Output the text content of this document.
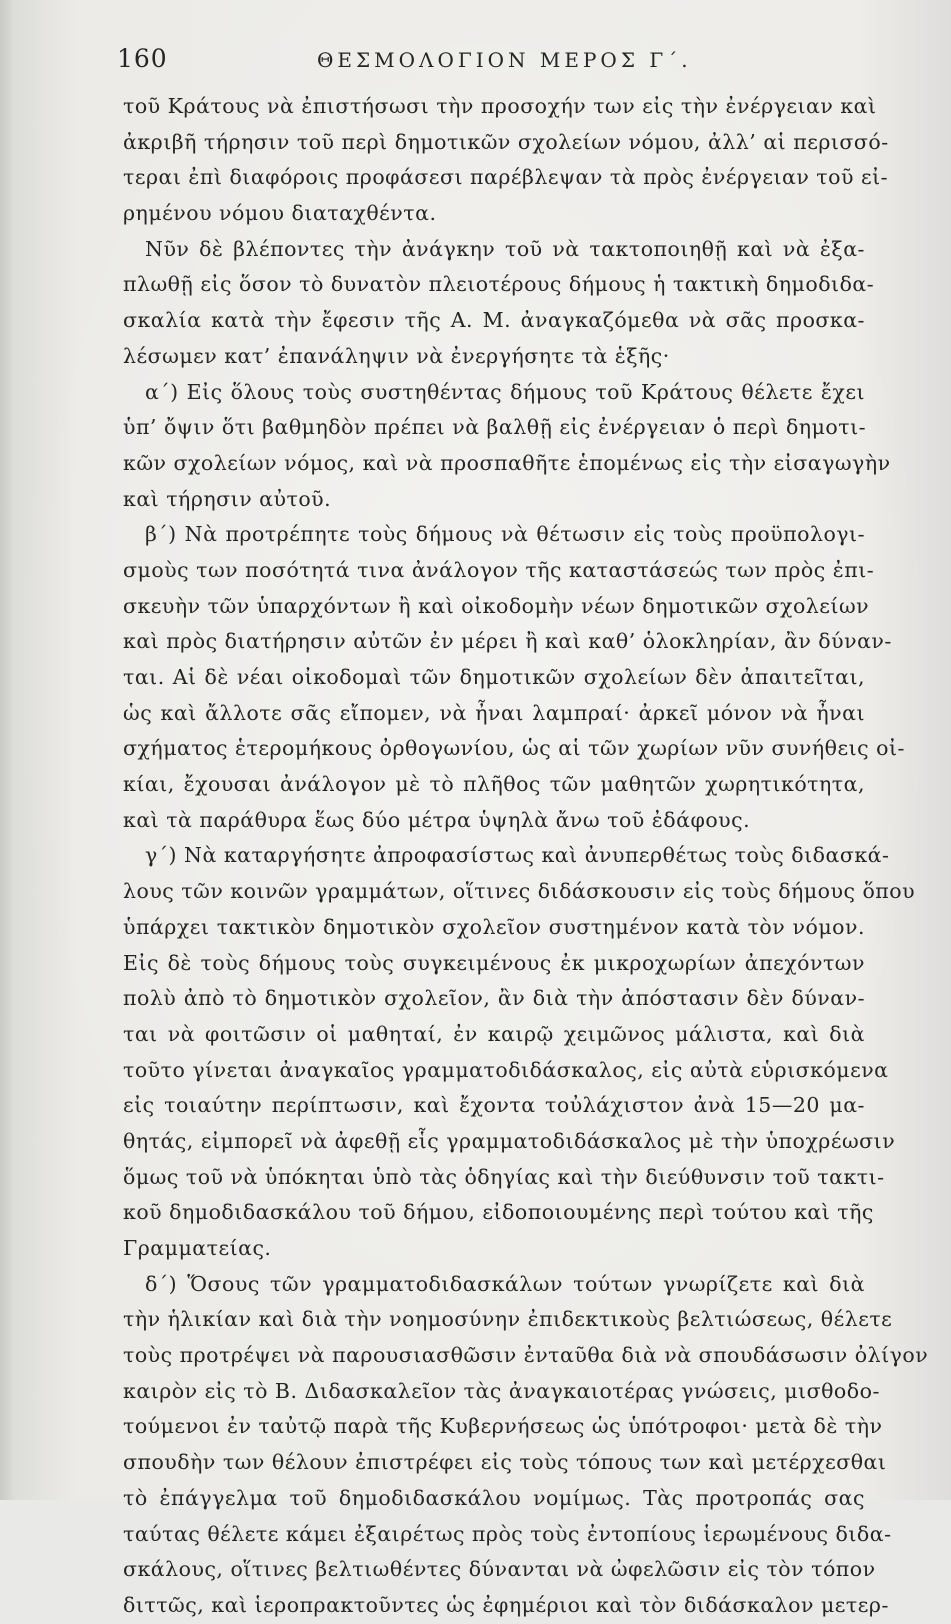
160	ΘΕΣΜΟΛΟΓΙΟΝ ΜΕΡΟΣ Γ΄.
τοῦ Κράτους νὰ ἐπιστήσωσι τὴν προσοχήν των εἰς τὴν ἐνέργειαν καὶ
ἀκριβῆ τήρησιν τοῦ περὶ δημοτικῶν σχολείων νόμου, ἀλλ’ αἱ περισσό-
τεραι ἐπὶ διαφόροις προφάσεσι παρέβλεψαν τὰ πρὸς ἐνέργειαν τοῦ εἰ-
ρημένου νόμου διαταχθέντα.
Νῦν δὲ βλέποντες τὴν ἀνάγκην τοῦ νὰ τακτοποιηθῇ καὶ νὰ ἐξα-
πλωθῇ εἰς ὅσον τὸ δυνατὸν πλειοτέρους δήμους ἡ τακτικὴ δημοδιδα-
σκαλία κατὰ τὴν ἔφεσιν τῆς Α. Μ. ἀναγκαζόμεθα νὰ σᾶς προσκα-
λέσωμεν κατ’ ἐπανάληψιν νὰ ἐνεργήσητε τὰ ἑξῆς·
α΄) Εἰς ὅλους τοὺς συστηθέντας δήμους τοῦ Κράτους θέλετε ἔχει
ὑπ’ ὄψιν ὅτι βαθμηδὸν πρέπει νὰ βαλθῇ εἰς ἐνέργειαν ὁ περὶ δημοτι-
κῶν σχολείων νόμος, καὶ νὰ προσπαθῆτε ἑπομένως εἰς τὴν εἰσαγωγὴν
καὶ τήρησιν αὐτοῦ.
β΄) Νὰ προτρέπητε τοὺς δήμους νὰ θέτωσιν εἰς τοὺς προϋπολογι-
σμοὺς των ποσότητά τινα ἀνάλογον τῆς καταστάσεώς των πρὸς ἐπι-
σκευὴν τῶν ὑπαρχόντων ἢ καὶ οἰκοδομὴν νέων δημοτικῶν σχολείων
καὶ πρὸς διατήρησιν αὐτῶν ἐν μέρει ἢ καὶ καθ’ ὁλοκληρίαν, ἂν δύναν-
ται. Αἱ δὲ νέαι οἰκοδομαὶ τῶν δημοτικῶν σχολείων δὲν ἀπαιτεῖται,
ὡς καὶ ἄλλοτε σᾶς εἴπομεν, νὰ ἦναι λαμπραί· ἀρκεῖ μόνον νὰ ἦναι
σχήματος ἑτερομήκους ὀρθογωνίου, ὡς αἱ τῶν χωρίων νῦν συνήθεις οἰ-
κίαι, ἔχουσαι ἀνάλογον μὲ τὸ πλῆθος τῶν μαθητῶν χωρητικότητα,
καὶ τὰ παράθυρα ἕως δύο μέτρα ὑψηλὰ ἄνω τοῦ ἐδάφους.
γ΄) Νὰ καταργήσητε ἀπροφασίστως καὶ ἀνυπερθέτως τοὺς διδασκά-
λους τῶν κοινῶν γραμμάτων, οἵτινες διδάσκουσιν εἰς τοὺς δήμους ὅπου
ὑπάρχει τακτικὸν δημοτικὸν σχολεῖον συστημένον κατὰ τὸν νόμον.
Εἰς δὲ τοὺς δήμους τοὺς συγκειμένους ἐκ μικροχωρίων ἀπεχόντων
πολὺ ἀπὸ τὸ δημοτικὸν σχολεῖον, ἂν διὰ τὴν ἀπόστασιν δὲν δύναν-
ται νὰ φοιτῶσιν οἱ μαθηταί, ἐν καιρῷ χειμῶνος μάλιστα, καὶ διὰ
τοῦτο γίνεται ἀναγκαῖος γραμματοδιδάσκαλος, εἰς αὐτὰ εὑρισκόμενα
εἰς τοιαύτην περίπτωσιν, καὶ ἔχοντα τοὐλάχιστον ἀνὰ 15—20 μα-
θητάς, εἰμπορεῖ νὰ ἀφεθῇ εἷς γραμματοδιδάσκαλος μὲ τὴν ὑποχρέωσιν
ὅμως τοῦ νὰ ὑπόκηται ὑπὸ τὰς ὁδηγίας καὶ τὴν διεύθυνσιν τοῦ τακτι-
κοῦ δημοδιδασκάλου τοῦ δήμου, εἰδοποιουμένης περὶ τούτου καὶ τῆς
Γραμματείας.
δ΄) Ὅσους τῶν γραμματοδιδασκάλων τούτων γνωρίζετε καὶ διὰ
τὴν ἡλικίαν καὶ διὰ τὴν νοημοσύνην ἐπιδεκτικοὺς βελτιώσεως, θέλετε
τοὺς προτρέψει νὰ παρουσιασθῶσιν ἐνταῦθα διὰ νὰ σπουδάσωσιν ὀλίγον
καιρὸν εἰς τὸ Β. Διδασκαλεῖον τὰς ἀναγκαιοτέρας γνώσεις, μισθοδο-
τούμενοι ἐν ταὐτῷ παρὰ τῆς Κυβερνήσεως ὡς ὑπότροφοι· μετὰ δὲ τὴν
σπουδὴν των θέλουν ἐπιστρέφει εἰς τοὺς τόπους των καὶ μετέρχεσθαι
τὸ ἐπάγγελμα τοῦ δημοδιδασκάλου νομίμως. Τὰς προτροπάς σας
ταύτας θέλετε κάμει ἐξαιρέτως πρὸς τοὺς ἐντοπίους ἱερωμένους διδα-
σκάλους, οἵτινες βελτιωθέντες δύνανται νὰ ὠφελῶσιν εἰς τὸν τόπον
διττῶς, καὶ ἱεροπρακτοῦντες ὡς ἐφημέριοι καὶ τὸν διδάσκαλον μετερ-
